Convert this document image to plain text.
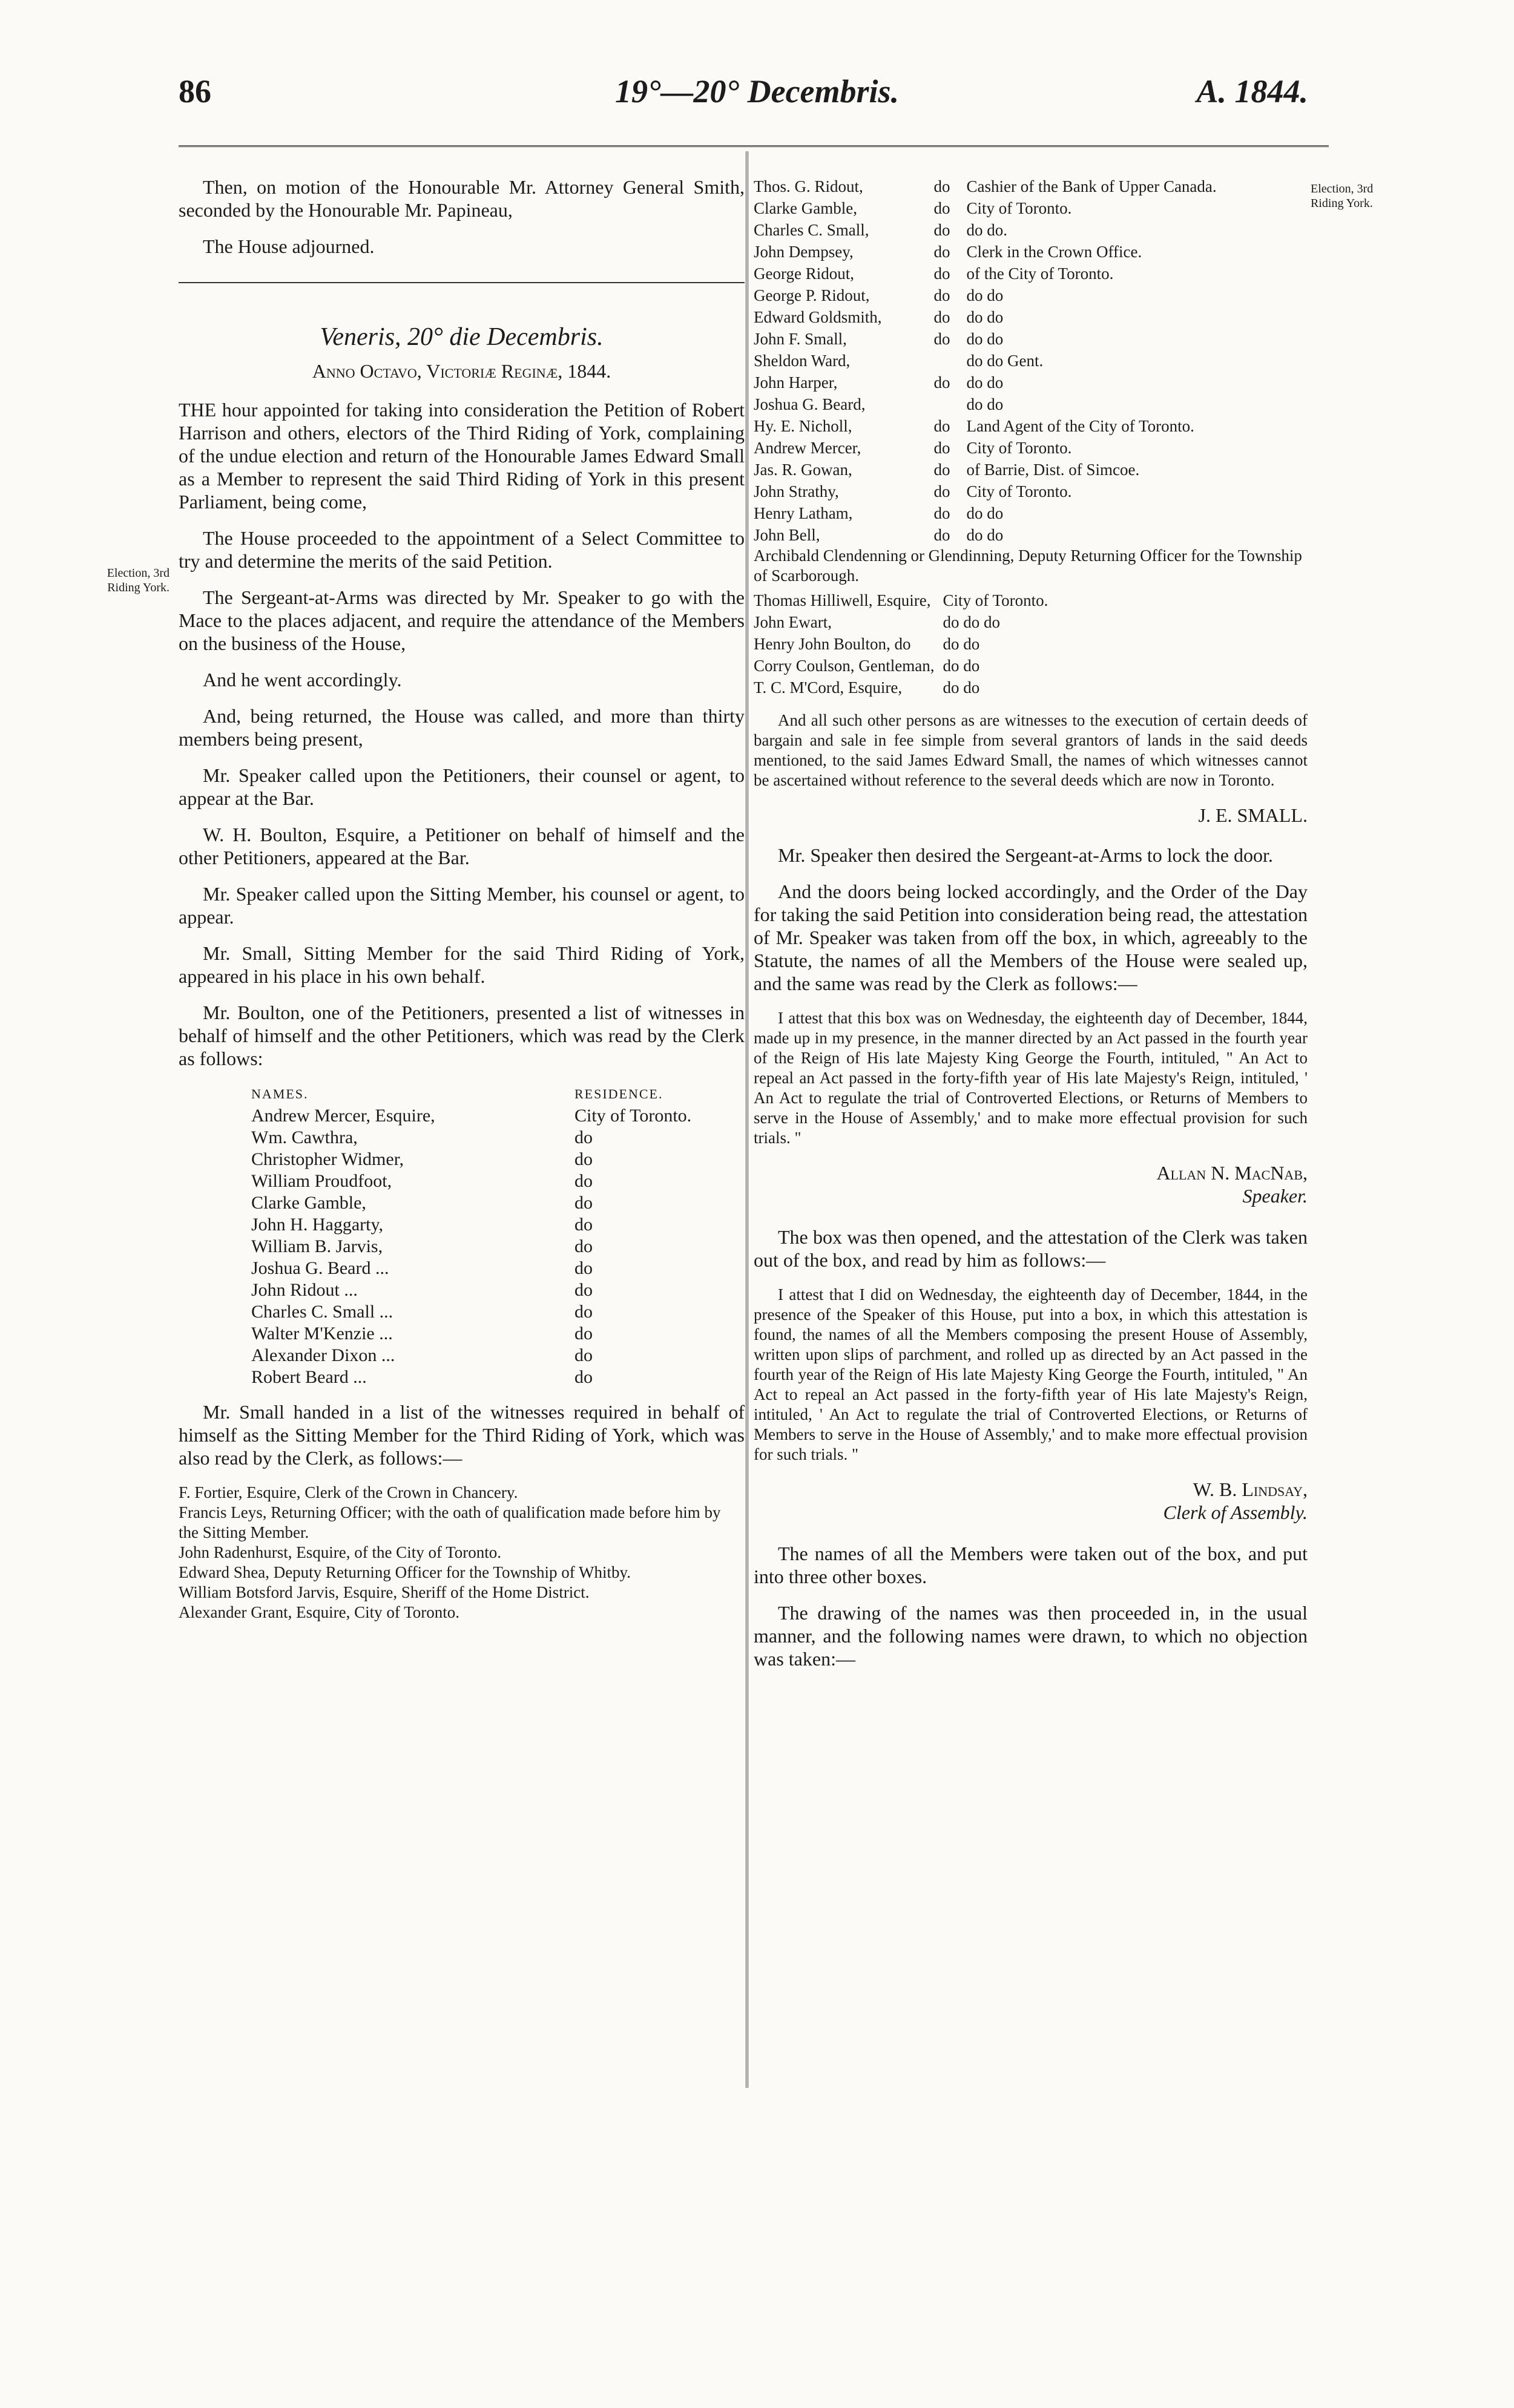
86	19°—20° Decembris.	A. 1844.
Election, 3rd Riding York.
Election, 3rd Riding York.

Then, on motion of the Honourable Mr. Attorney General Smith, seconded by the Honourable Mr. Papineau,

The House adjourned.

Veneris, 20° die Decembris.
Anno Octavo, Victoriæ Reginæ, 1844.

THE hour appointed for taking into consideration the Petition of Robert Harrison and others, electors of the Third Riding of York, complaining of the undue election and return of the Honourable James Edward Small as a Member to represent the said Third Riding of York in this present Parliament, being come,

The House proceeded to the appointment of a Select Committee to try and determine the merits of the said Petition.

The Sergeant-at-Arms was directed by Mr. Speaker to go with the Mace to the places adjacent, and require the attendance of the Members on the business of the House,

And he went accordingly.

And, being returned, the House was called, and more than thirty members being present,

Mr. Speaker called upon the Petitioners, their counsel or agent, to appear at the Bar.

W. H. Boulton, Esquire, a Petitioner on behalf of himself and the other Petitioners, appeared at the Bar.

Mr. Speaker called upon the Sitting Member, his counsel or agent, to appear.

Mr. Small, Sitting Member for the said Third Riding of York, appeared in his place in his own behalf.

Mr. Boulton, one of the Petitioners, presented a list of witnesses in behalf of himself and the other Petitioners, which was read by the Clerk as follows:

NAMES.	RESIDENCE.
Andrew Mercer, Esquire,	City of Toronto.
Wm. Cawthra,	do
Christopher Widmer,	do
William Proudfoot,	do
Clarke Gamble,	do
John H. Haggarty,	do
William B. Jarvis,	do
Joshua G. Beard ...	do
John Ridout ...	do
Charles C. Small ...	do
Walter M'Kenzie ...	do
Alexander Dixon ...	do
Robert Beard ...	do

Mr. Small handed in a list of the witnesses required in behalf of himself as the Sitting Member for the Third Riding of York, which was also read by the Clerk, as follows:—

F. Fortier, Esquire, Clerk of the Crown in Chancery.
Francis Leys, Returning Officer; with the oath of qualification made before him by the Sitting Member.
John Radenhurst, Esquire, of the City of Toronto.
Edward Shea, Deputy Returning Officer for the Township of Whitby.
William Botsford Jarvis, Esquire, Sheriff of the Home District.
Alexander Grant, Esquire, City of Toronto.
Thos. G. Ridout,	do	Cashier of the Bank of Upper Canada.
Clarke Gamble,	do	City of Toronto.
Charles C. Small,	do	do do.
John Dempsey,	do	Clerk in the Crown Office.
George Ridout,	do	of the City of Toronto.
George P. Ridout,	do	do do
Edward Goldsmith,	do	do do
John F. Small,	do	do do
Sheldon Ward,		do do Gent.
John Harper,	do	do do
Joshua G. Beard,		do do
Hy. E. Nicholl,	do	Land Agent of the City of Toronto.
Andrew Mercer,	do	City of Toronto.
Jas. R. Gowan,	do	of Barrie, Dist. of Simcoe.
John Strathy,	do	City of Toronto.
Henry Latham,	do	do do
John Bell,	do	do do
Archibald Clendenning or Glendinning, Deputy Returning Officer for the Township of Scarborough.
Thomas Hilliwell, Esquire,	City of Toronto.
John Ewart,	do do do
Henry John Boulton, do	do do
Corry Coulson, Gentleman,	do do
T. C. M'Cord, Esquire,	do do

And all such other persons as are witnesses to the execution of certain deeds of bargain and sale in fee simple from several grantors of lands in the said deeds mentioned, to the said James Edward Small, the names of which witnesses cannot be ascertained without reference to the several deeds which are now in Toronto.

J. E. SMALL.

Mr. Speaker then desired the Sergeant-at-Arms to lock the door.

And the doors being locked accordingly, and the Order of the Day for taking the said Petition into consideration being read, the attestation of Mr. Speaker was taken from off the box, in which, agreeably to the Statute, the names of all the Members of the House were sealed up, and the same was read by the Clerk as follows:—

I attest that this box was on Wednesday, the eighteenth day of December, 1844, made up in my presence, in the manner directed by an Act passed in the fourth year of the Reign of His late Majesty King George the Fourth, intituled, " An Act to repeal an Act passed in the forty-fifth year of His late Majesty's Reign, intituled, ' An Act to regulate the trial of Controverted Elections, or Returns of Members to serve in the House of Assembly,' and to make more effectual provision for such trials. "

Allan N. MacNab,

Speaker.

The box was then opened, and the attestation of the Clerk was taken out of the box, and read by him as follows:—

I attest that I did on Wednesday, the eighteenth day of December, 1844, in the presence of the Speaker of this House, put into a box, in which this attestation is found, the names of all the Members composing the present House of Assembly, written upon slips of parchment, and rolled up as directed by an Act passed in the fourth year of the Reign of His late Majesty King George the Fourth, intituled, " An Act to repeal an Act passed in the forty-fifth year of His late Majesty's Reign, intituled, ' An Act to regulate the trial of Controverted Elections, or Returns of Members to serve in the House of Assembly,' and to make more effectual provision for such trials. "

W. B. Lindsay,

Clerk of Assembly.

The names of all the Members were taken out of the box, and put into three other boxes.

The drawing of the names was then proceeded in, in the usual manner, and the following names were drawn, to which no objection was taken:—
